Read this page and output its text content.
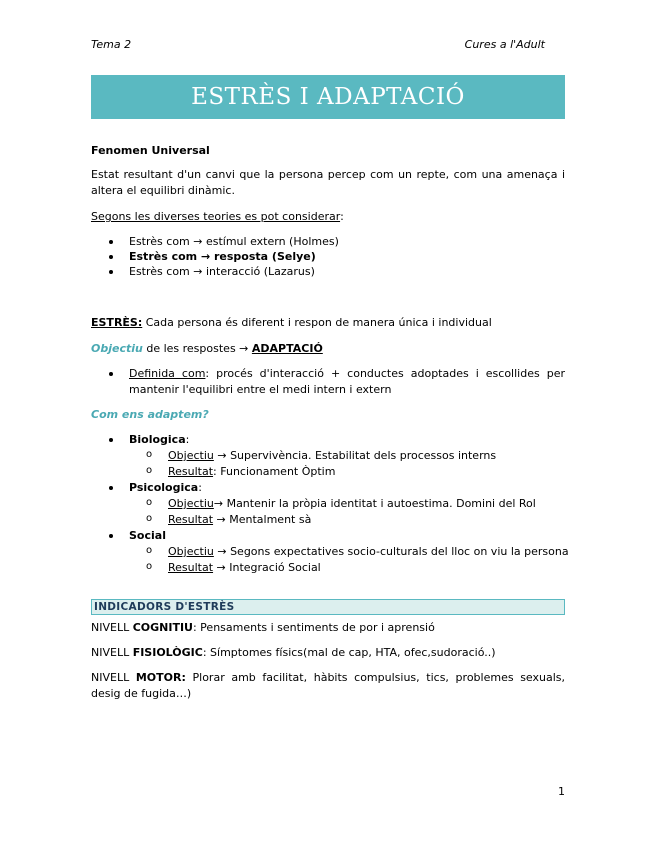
Tema 2	Cures a l'Adult
ESTRÈS I ADAPTACIÓ
Fenomen Universal
Estat resultant d'un canvi que la persona percep com un repte, com una amenaça i altera el equilibri dinàmic.
Segons les diverses teories es pot considerar:
Estrès com → estímul extern (Holmes)
Estrès com → resposta (Selye)
Estrès com → interacció (Lazarus)
ESTRÈS: Cada persona és diferent i respon de manera única i individual
Objectiu de les respostes → ADAPTACIÓ
Definida com: procés d'interacció + conductes adoptades i escollides per mantenir l'equilibri entre el medi intern i extern
Com ens adaptem?
Biologica:
Objectiu → Supervivència. Estabilitat dels processos interns
Resultat: Funcionament Òptim
Psicologica:
Objectiu→ Mantenir la pròpia identitat i autoestima. Domini del Rol
Resultat → Mentalment sà
Social
Objectiu → Segons expectatives socio-culturals del lloc on viu la persona
Resultat → Integració Social
INDICADORS D'ESTRÈS
NIVELL COGNITIU: Pensaments i sentiments de por i aprensió
NIVELL FISIOLÒGIC: Símptomes físics(mal de cap, HTA, ofec,sudoració..)
NIVELL MOTOR: Plorar amb facilitat, hàbits compulsius, tics, problemes sexuals, desig de fugida…)
1
